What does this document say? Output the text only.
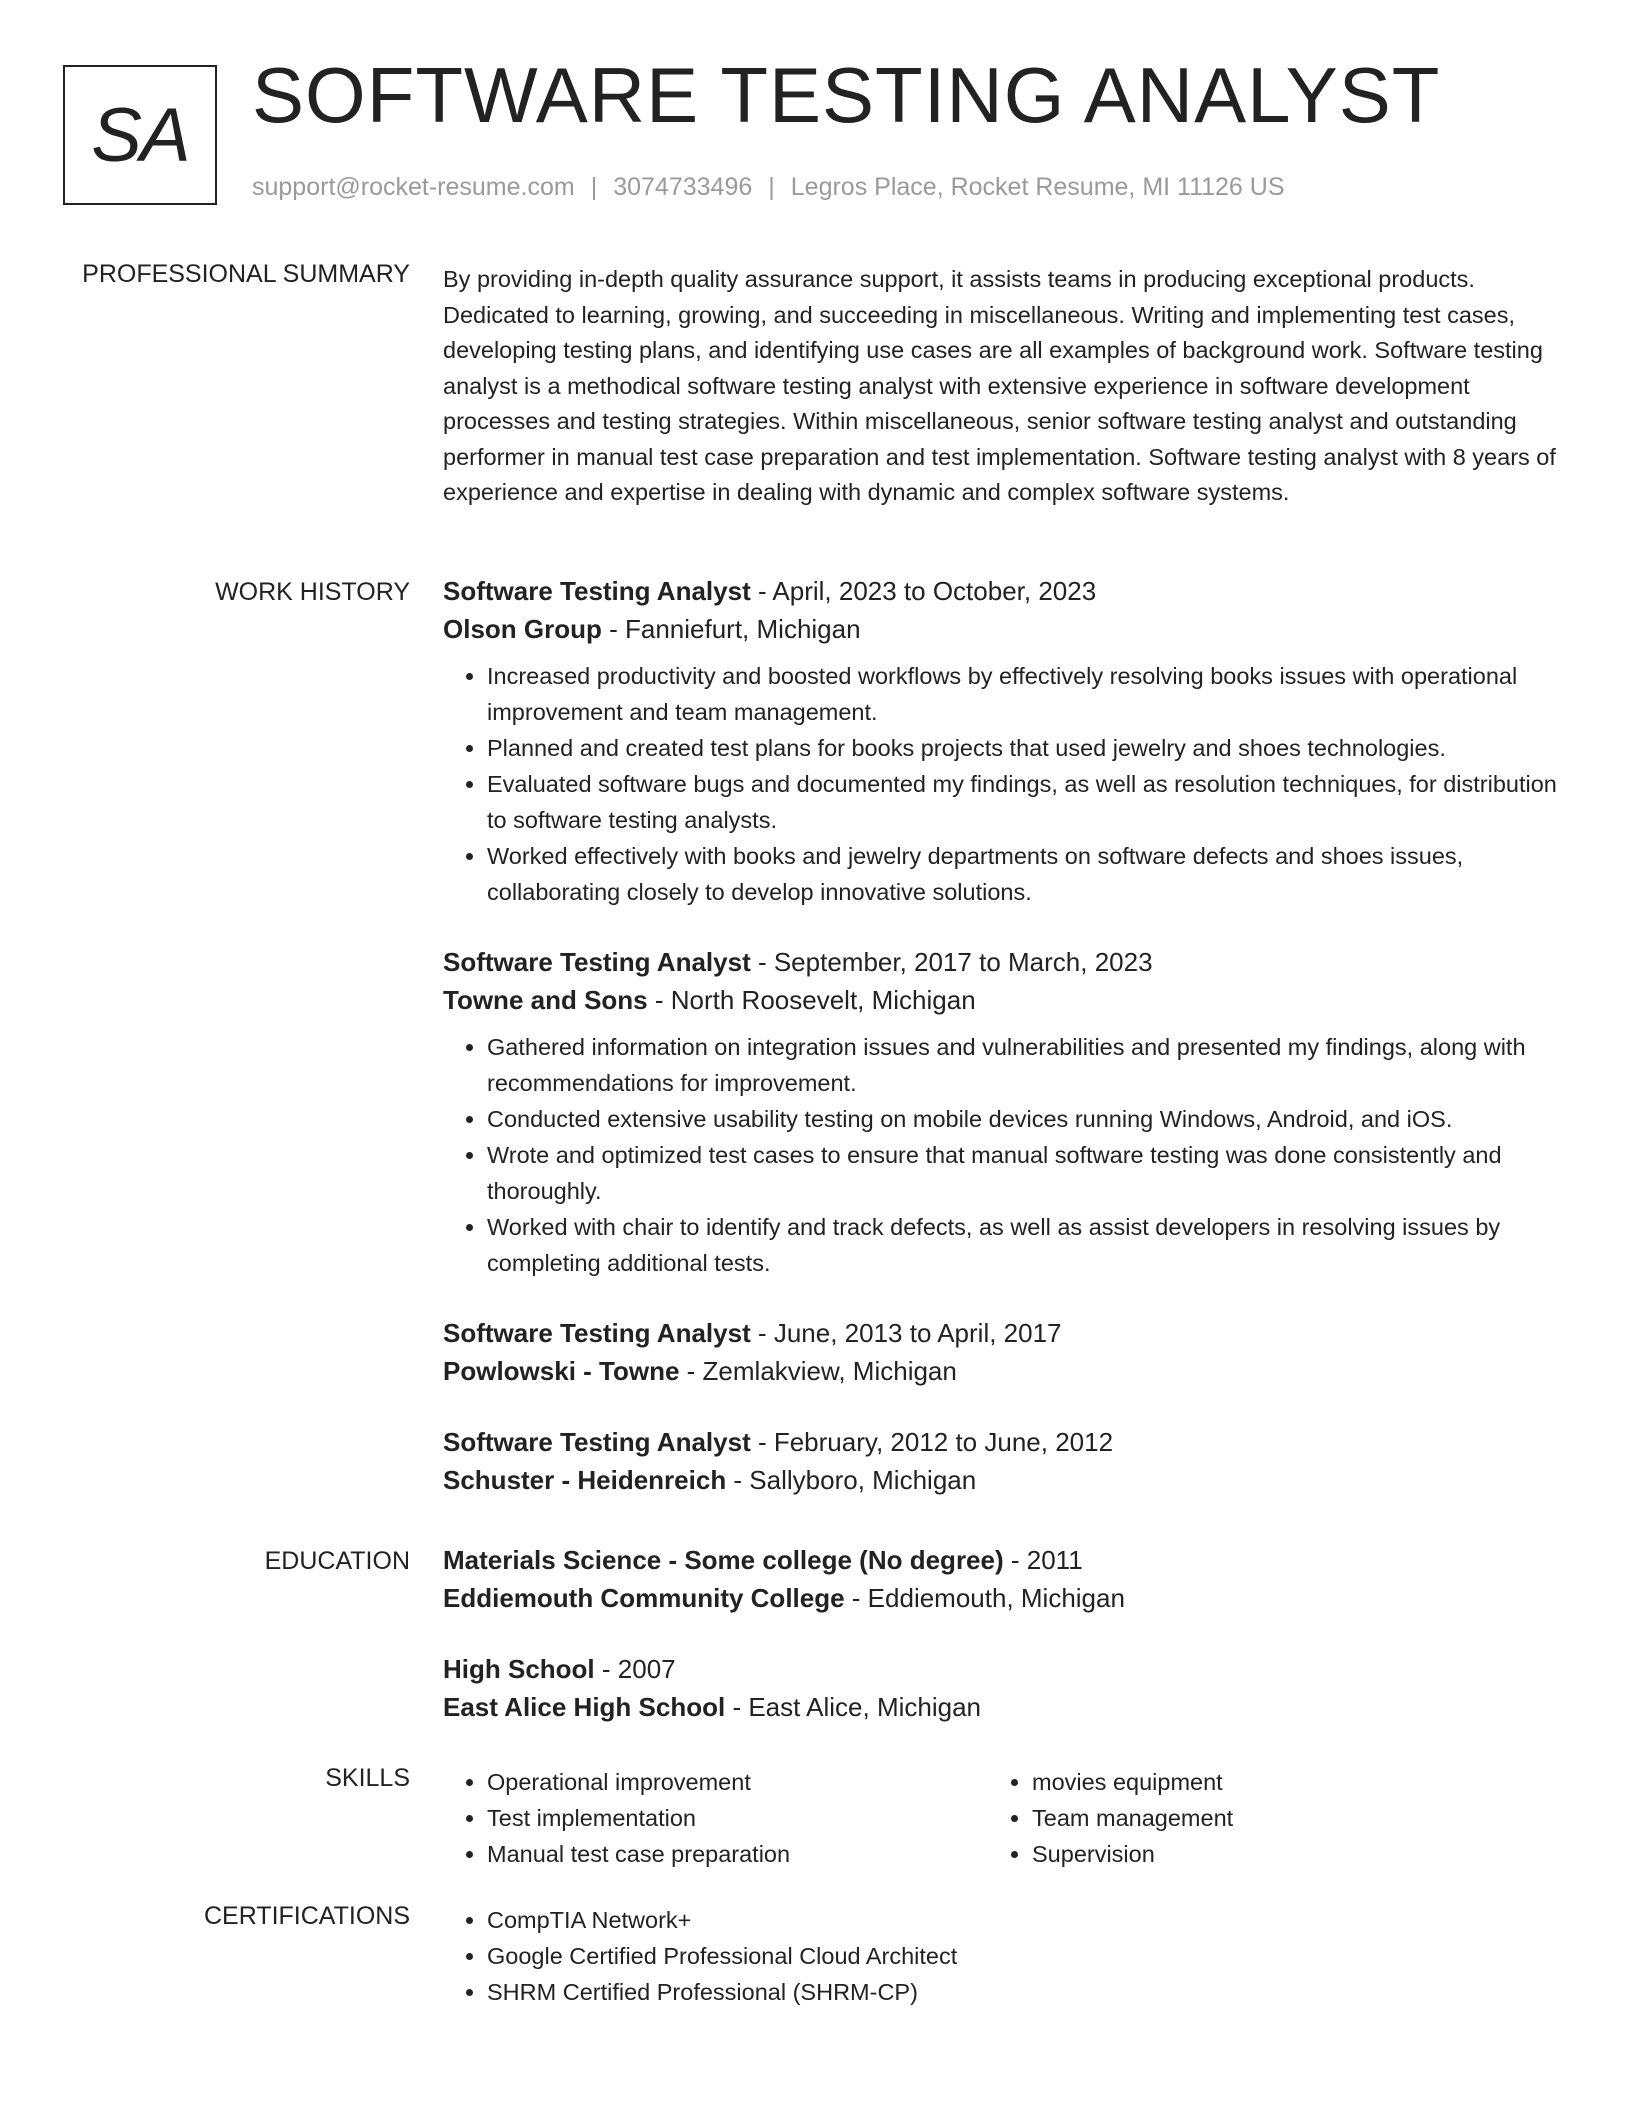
SA SOFTWARE TESTING ANALYST
support@rocket-resume.com | 3074733496 | Legros Place, Rocket Resume, MI 11126 US
PROFESSIONAL SUMMARY By providing in-depth quality assurance support, it assists teams in producing exceptional products. Dedicated to learning, growing, and succeeding in miscellaneous. Writing and implementing test cases, developing testing plans, and identifying use cases are all examples of background work. Software testing analyst is a methodical software testing analyst with extensive experience in software development processes and testing strategies. Within miscellaneous, senior software testing analyst and outstanding performer in manual test case preparation and test implementation. Software testing analyst with 8 years of experience and expertise in dealing with dynamic and complex software systems.

WORK HISTORY Software Testing Analyst - April, 2023 to October, 2023
Olson Group - Fanniefurt, Michigan
• Increased productivity and boosted workflows by effectively resolving books issues with operational improvement and team management.
• Planned and created test plans for books projects that used jewelry and shoes technologies.
• Evaluated software bugs and documented my findings, as well as resolution techniques, for distribution to software testing analysts.
• Worked effectively with books and jewelry departments on software defects and shoes issues, collaborating closely to develop innovative solutions.
Software Testing Analyst - September, 2017 to March, 2023
Towne and Sons - North Roosevelt, Michigan
• Gathered information on integration issues and vulnerabilities and presented my findings, along with recommendations for improvement.
• Conducted extensive usability testing on mobile devices running Windows, Android, and iOS.
• Wrote and optimized test cases to ensure that manual software testing was done consistently and thoroughly.
• Worked with chair to identify and track defects, as well as assist developers in resolving issues by completing additional tests.
Software Testing Analyst - June, 2013 to April, 2017
Powlowski - Towne - Zemlakview, Michigan
Software Testing Analyst - February, 2012 to June, 2012
Schuster - Heidenreich - Sallyboro, Michigan
EDUCATION Materials Science - Some college (No degree) - 2011
Eddiemouth Community College - Eddiemouth, Michigan
High School - 2007
East Alice High School - East Alice, Michigan
SKILLS	• Operational improvement
• Test implementation
• Manual test case preparation
• movies equipment
• Team management
• Supervision
CERTIFICATIONS	• CompTIA Network+
• Google Certified Professional Cloud Architect
• SHRM Certified Professional (SHRM-CP)
